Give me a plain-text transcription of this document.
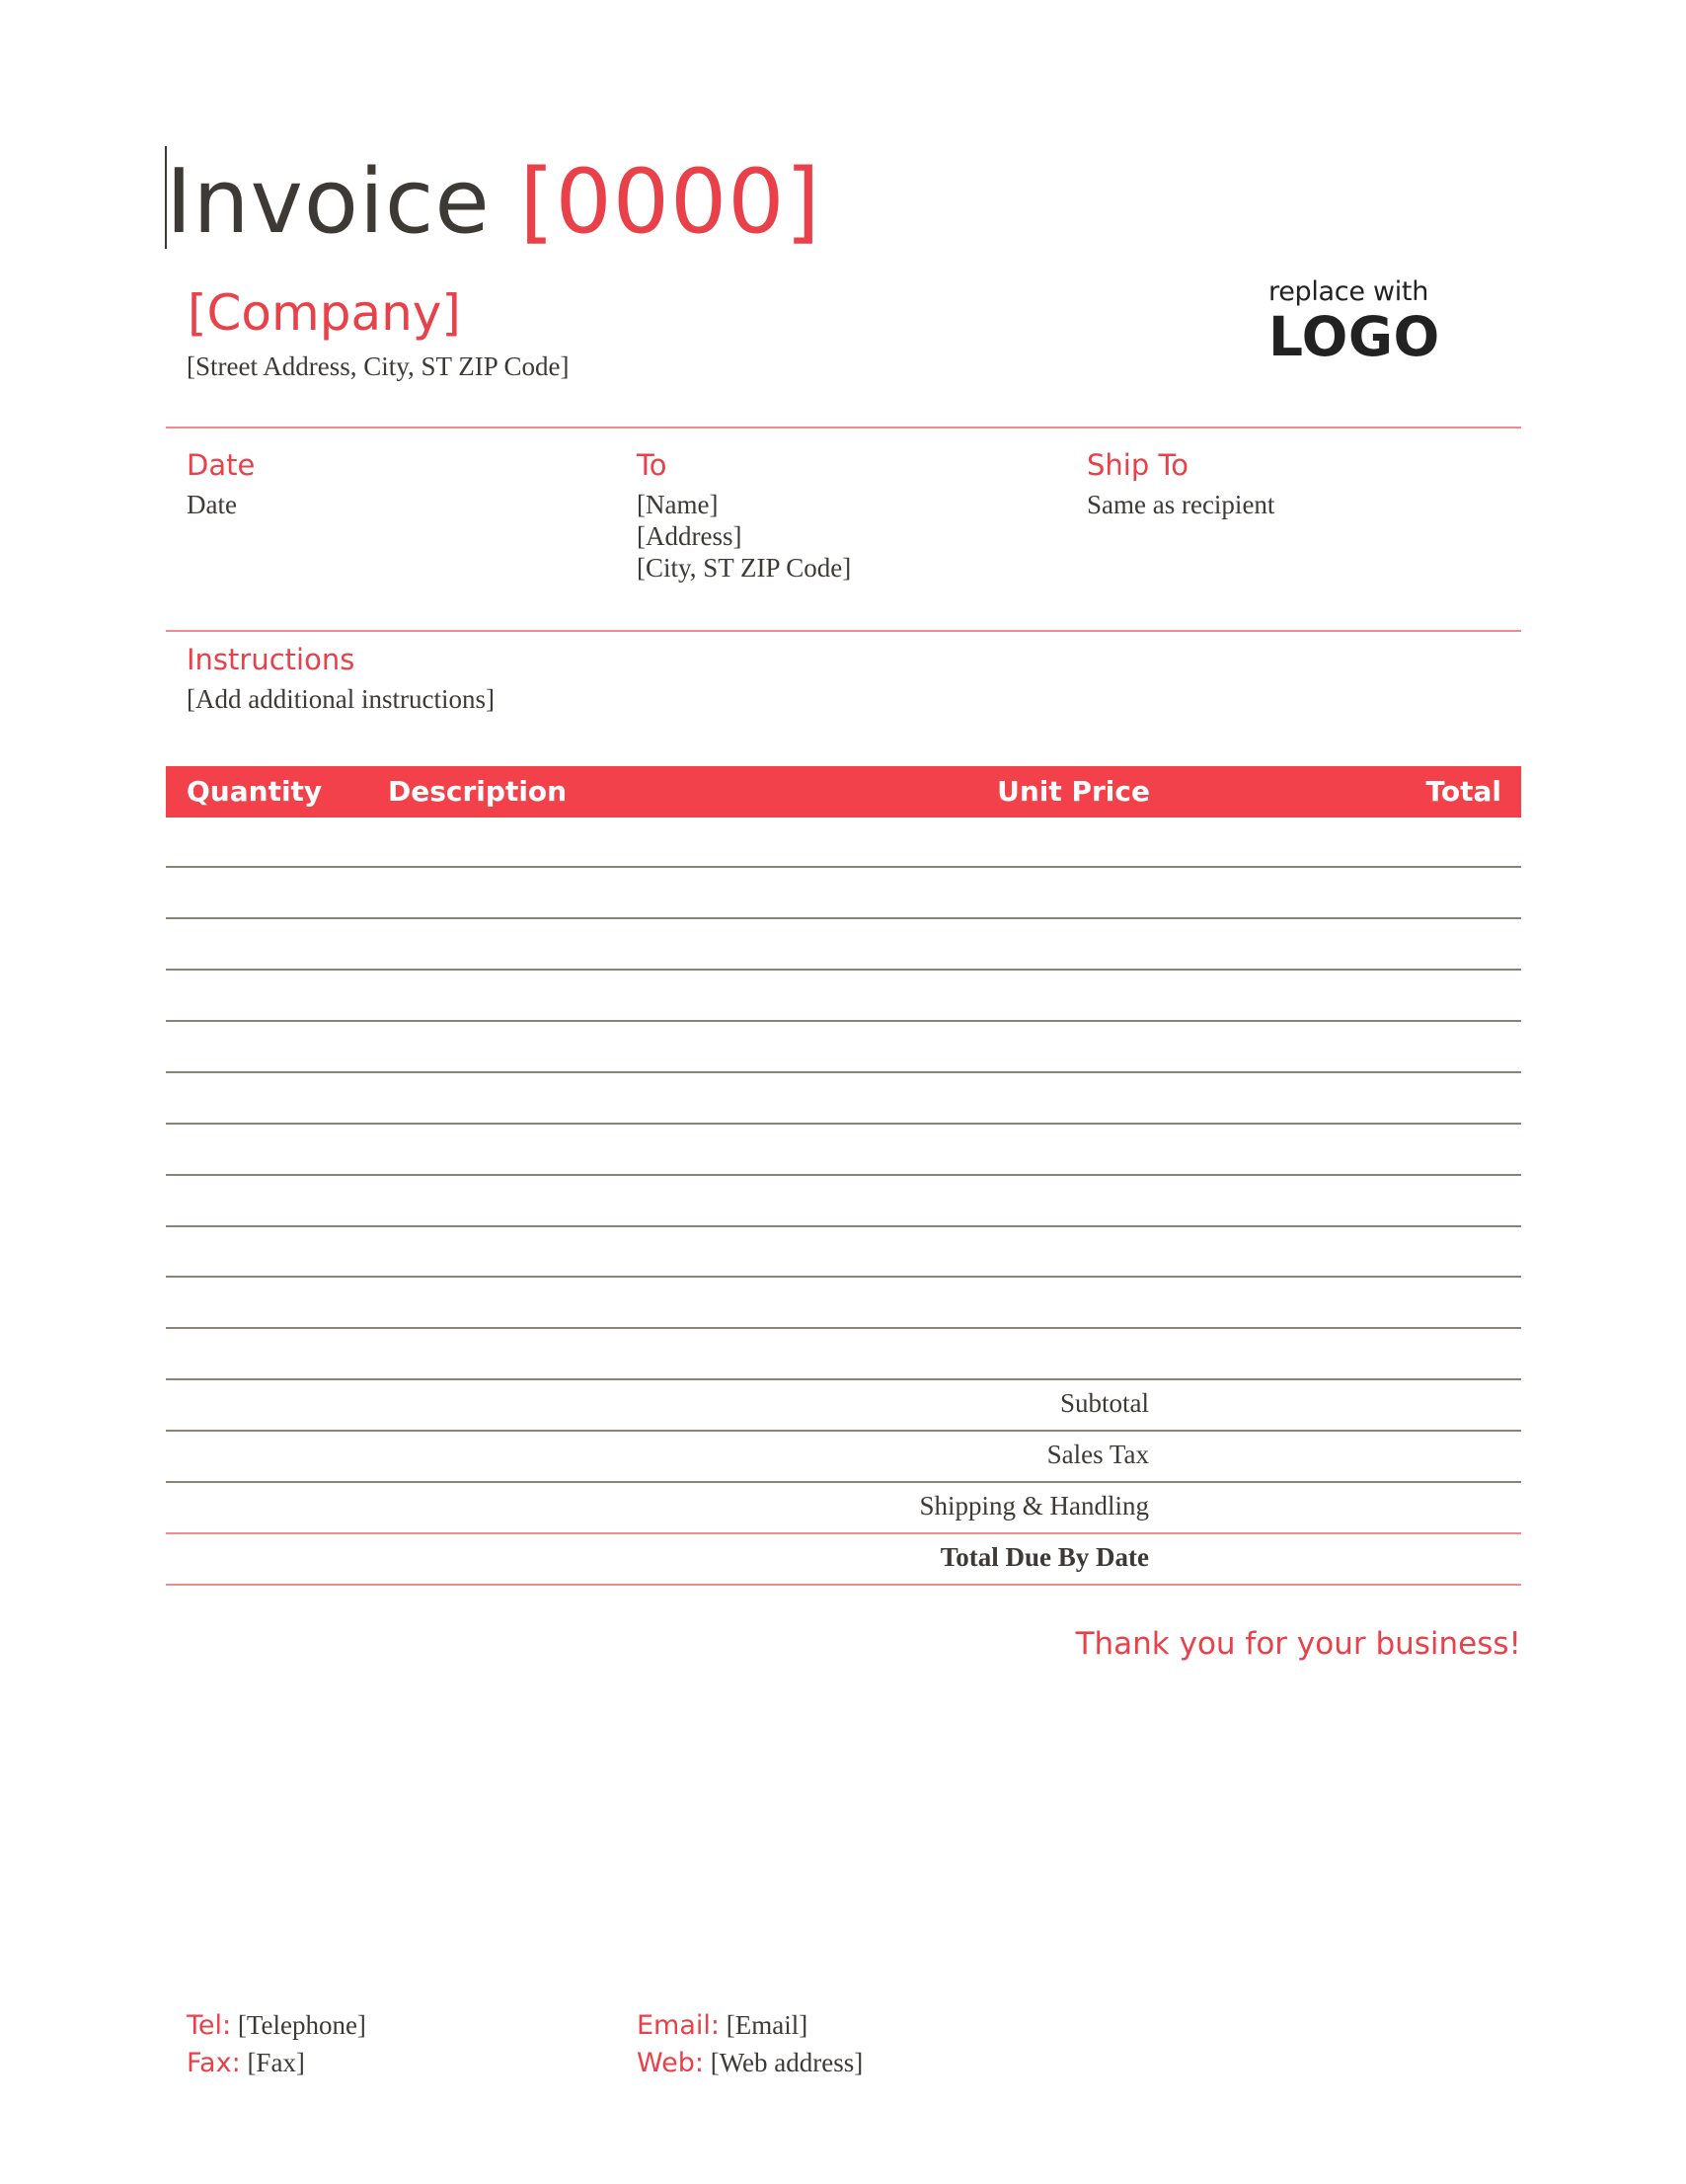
Invoice [0000]
[Company]
[Street Address, City, ST ZIP Code]
replace with
LOGO
Date
Date
To
[Name]
[Address]
[City, ST ZIP Code]
Ship To
Same as recipient
Instructions
[Add additional instructions]
Quantity Description	Unit Price	Total
Subtotal
Sales Tax
Shipping & Handling
Total Due By Date
Thank you for your business!
Tel: [Telephone]
Fax: [Fax]
Email: [Email]
Web: [Web address]
